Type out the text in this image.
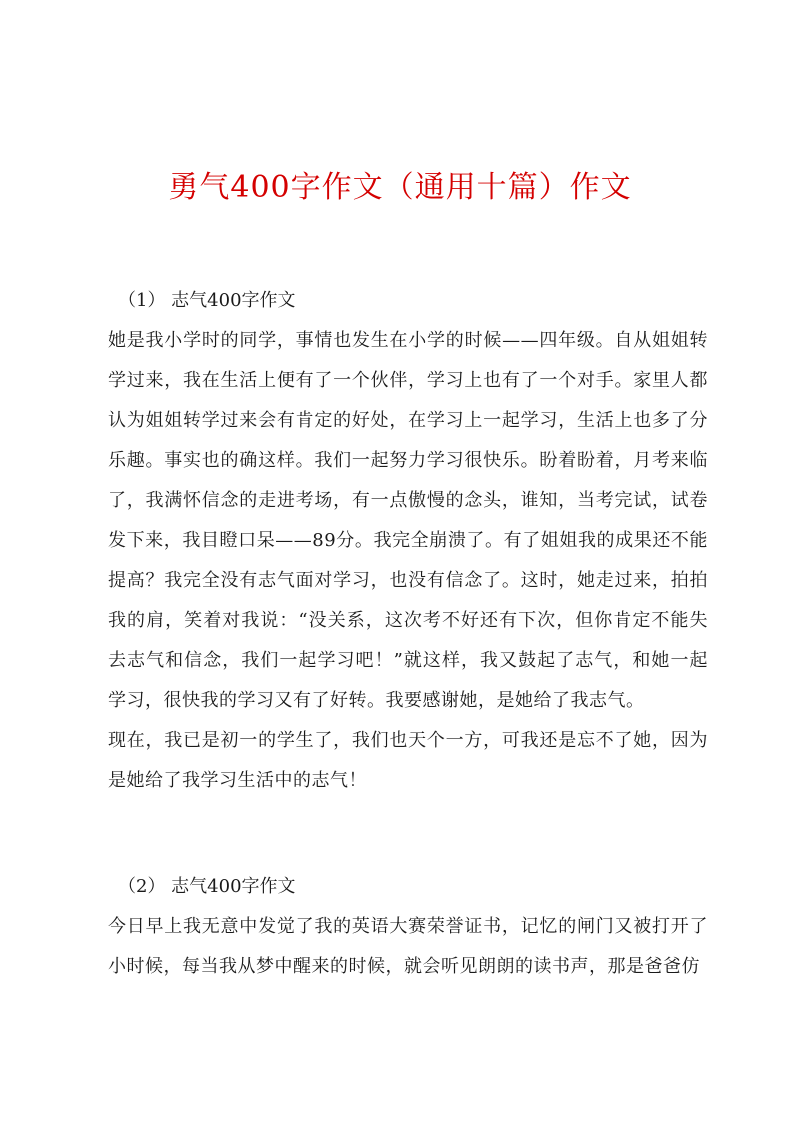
勇气400字作文（通用十篇）作文

（1） 志气400字作文

她是我小学时的同学，事情也发生在小学的时候——四年级。自从姐姐转学过来，我在生活上便有了一个伙伴，学习上也有了一个对手。家里人都认为姐姐转学过来会有肯定的好处，在学习上一起学习，生活上也多了分乐趣。事实也的确这样。我们一起努力学习很快乐。盼着盼着，月考来临了，我满怀信念的走进考场，有一点傲慢的念头，谁知，当考完试，试卷发下来，我目瞪口呆——89分。我完全崩溃了。有了姐姐我的成果还不能提高？我完全没有志气面对学习，也没有信念了。这时，她走过来，拍拍我的肩，笑着对我说：“没关系，这次考不好还有下次，但你肯定不能失去志气和信念，我们一起学习吧！”就这样，我又鼓起了志气，和她一起学习，很快我的学习又有了好转。我要感谢她，是她给了我志气。

现在，我已是初一的学生了，我们也天个一方，可我还是忘不了她，因为是她给了我学习生活中的志气！

（2） 志气400字作文

今日早上我无意中发觉了我的英语大赛荣誉证书，记忆的闸门又被打开了小时候，每当我从梦中醒来的时候，就会听见朗朗的读书声，那是爸爸仿
